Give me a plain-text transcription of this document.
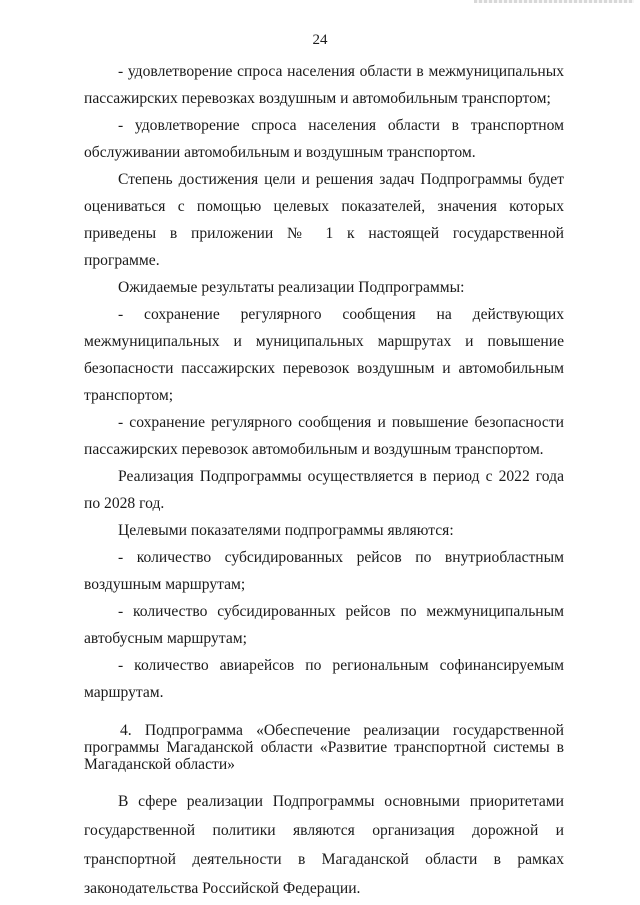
24

- удовлетворение спроса населения области в межмуниципальных пассажирских перевозках воздушным и автомобильным транспортом;

- удовлетворение спроса населения области в транспортном обслуживании автомобильным и воздушным транспортом.

Степень достижения цели и решения задач Подпрограммы будет оцениваться с помощью целевых показателей, значения которых приведены в приложении № 1 к настоящей государственной программе.

Ожидаемые результаты реализации Подпрограммы:

- сохранение регулярного сообщения на действующих межмуниципальных и муниципальных маршрутах и повышение безопасности пассажирских перевозок воздушным и автомобильным транспортом;

- сохранение регулярного сообщения и повышение безопасности пассажирских перевозок автомобильным и воздушным транспортом.

Реализация Подпрограммы осуществляется в период с 2022 года по 2028 год.

Целевыми показателями подпрограммы являются:

- количество субсидированных рейсов по внутриобластным воздушным маршрутам;

- количество субсидированных рейсов по межмуниципальным автобусным маршрутам;

- количество авиарейсов по региональным софинансируемым маршрутам.

4. Подпрограмма «Обеспечение реализации государственной программы Магаданской области «Развитие транспортной системы в Магаданской области»

В сфере реализации Подпрограммы основными приоритетами государственной политики являются организация дорожной и транспортной деятельности в Магаданской области в рамках законодательства Российской Федерации.
